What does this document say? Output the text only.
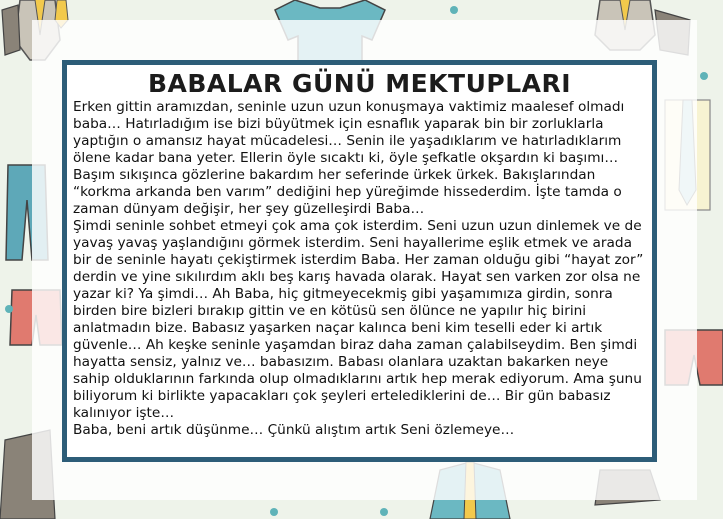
BABALAR GÜNÜ MEKTUPLARI

Erken gittin aramızdan, seninle uzun uzun konuşmaya vaktimiz maalesef olmadı baba… Hatırladığım ise bizi büyütmek için esnaflık yaparak bin bir zorluklarla yaptığın o amansız hayat mücadelesi… Senin ile yaşadıklarım ve hatırladıklarım ölene kadar bana yeter. Ellerin öyle sıcaktı ki, öyle şefkatle okşardın ki başımı… Başım sıkışınca gözlerine bakardım her seferinde ürkek ürkek. Bakışlarından “korkma arkanda ben varım” dediğini hep yüreğimde hissederdim. İşte tamda o zaman dünyam değişir, her şey güzelleşirdi Baba…

Şimdi seninle sohbet etmeyi çok ama çok isterdim. Seni uzun uzun dinlemek ve de yavaş yavaş yaşlandığını görmek isterdim. Seni hayallerime eşlik etmek ve arada bir de seninle hayatı çekiştirmek isterdim Baba. Her zaman olduğu gibi “hayat zor” derdin ve yine sıkılırdım aklı beş karış havada olarak. Hayat sen varken zor olsa ne yazar ki? Ya şimdi… Ah Baba, hiç gitmeyecekmiş gibi yaşamımıza girdin, sonra birden bire bizleri bırakıp gittin ve en kötüsü sen ölünce ne yapılır hiç birini anlatmadın bize. Babasız yaşarken naçar kalınca beni kim teselli eder ki artık güvenle… Ah keşke seninle yaşamdan biraz daha zaman çalabilseydim. Ben şimdi hayatta sensiz, yalnız ve… babasızım. Babası olanlara uzaktan bakarken neye sahip olduklarının farkında olup olmadıklarını artık hep merak ediyorum. Ama şunu biliyorum ki birlikte yapacakları çok şeyleri ertelediklerini de… Bir gün babasız kalınıyor işte…

Baba, beni artık düşünme… Çünkü alıştım artık Seni özlemeye…
